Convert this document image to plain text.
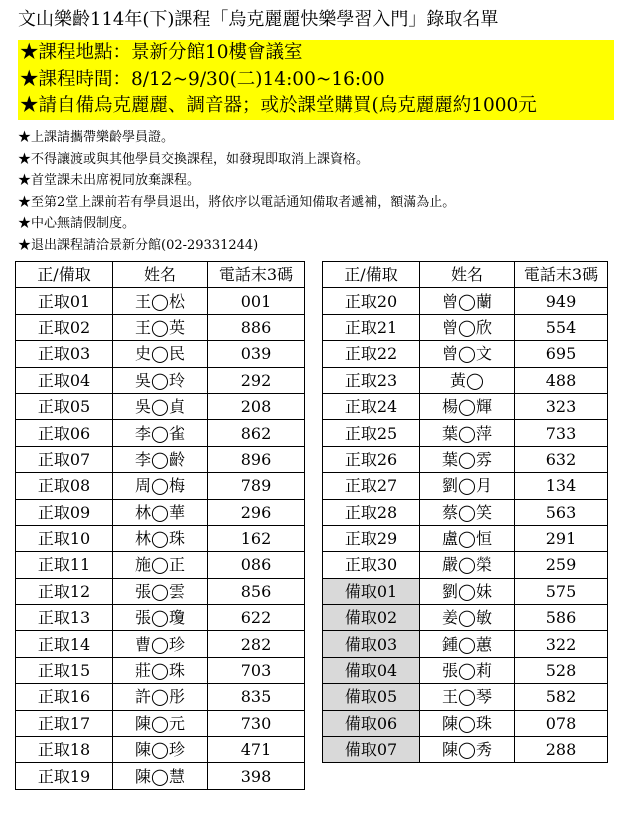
文山樂齡114年(下)課程「烏克麗麗快樂學習入門」錄取名單
★課程地點：景新分館10樓會議室
★課程時間：8/12~9/30(二)14:00~16:00
★請自備烏克麗麗、調音器；或於課堂購買(烏克麗麗約1000元
★上課請攜帶樂齡學員證。
★不得讓渡或與其他學員交換課程，如發現即取消上課資格。
★首堂課未出席視同放棄課程。
★至第2堂上課前若有學員退出，將依序以電話通知備取者遞補，額滿為止。
★中心無請假制度。
★退出課程請洽景新分館(02-29331244)
正/備取	姓名	電話末3碼
正取01	王◯松	001
正取02	王◯英	886
正取03	史◯民	039
正取04	吳◯玲	292
正取05	吳◯貞	208
正取06	李◯雀	862
正取07	李◯齡	896
正取08	周◯梅	789
正取09	林◯華	296
正取10	林◯珠	162
正取11	施◯正	086
正取12	張◯雲	856
正取13	張◯瓊	622
正取14	曹◯珍	282
正取15	莊◯珠	703
正取16	許◯彤	835
正取17	陳◯元	730
正取18	陳◯珍	471
正取19	陳◯慧	398
正/備取	姓名	電話末3碼
正取20	曾◯蘭	949
正取21	曾◯欣	554
正取22	曾◯文	695
正取23	黃◯	488
正取24	楊◯輝	323
正取25	葉◯萍	733
正取26	葉◯雰	632
正取27	劉◯月	134
正取28	蔡◯笑	563
正取29	盧◯恒	291
正取30	嚴◯榮	259
備取01	劉◯妹	575
備取02	姜◯敏	586
備取03	鍾◯蕙	322
備取04	張◯莉	528
備取05	王◯琴	582
備取06	陳◯珠	078
備取07	陳◯秀	288
